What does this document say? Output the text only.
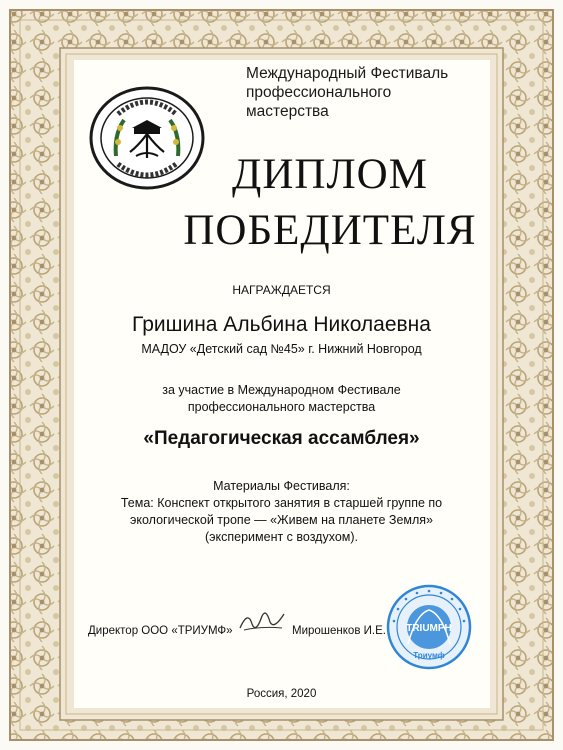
Международный Фестиваль
профессионального
мастерства
ДИПЛОМ
ПОБЕДИТЕЛЯ
НАГРАЖДАЕТСЯ
Гришина Альбина Николаевна
МАДОУ «Детский сад №45» г. Нижний Новгород
за участие в Международном Фестивале
профессионального мастерства
«Педагогическая ассамблея»
Материалы Фестиваля:
Тема: Конспект открытого занятия в старшей группе по
экологической тропе — «Живем на планете Земля»
(эксперимент с воздухом).
Директор ООО «ТРИУМФ»	Мирошенков И.Е. TRIUMPH
Триумф
Россия, 2020
